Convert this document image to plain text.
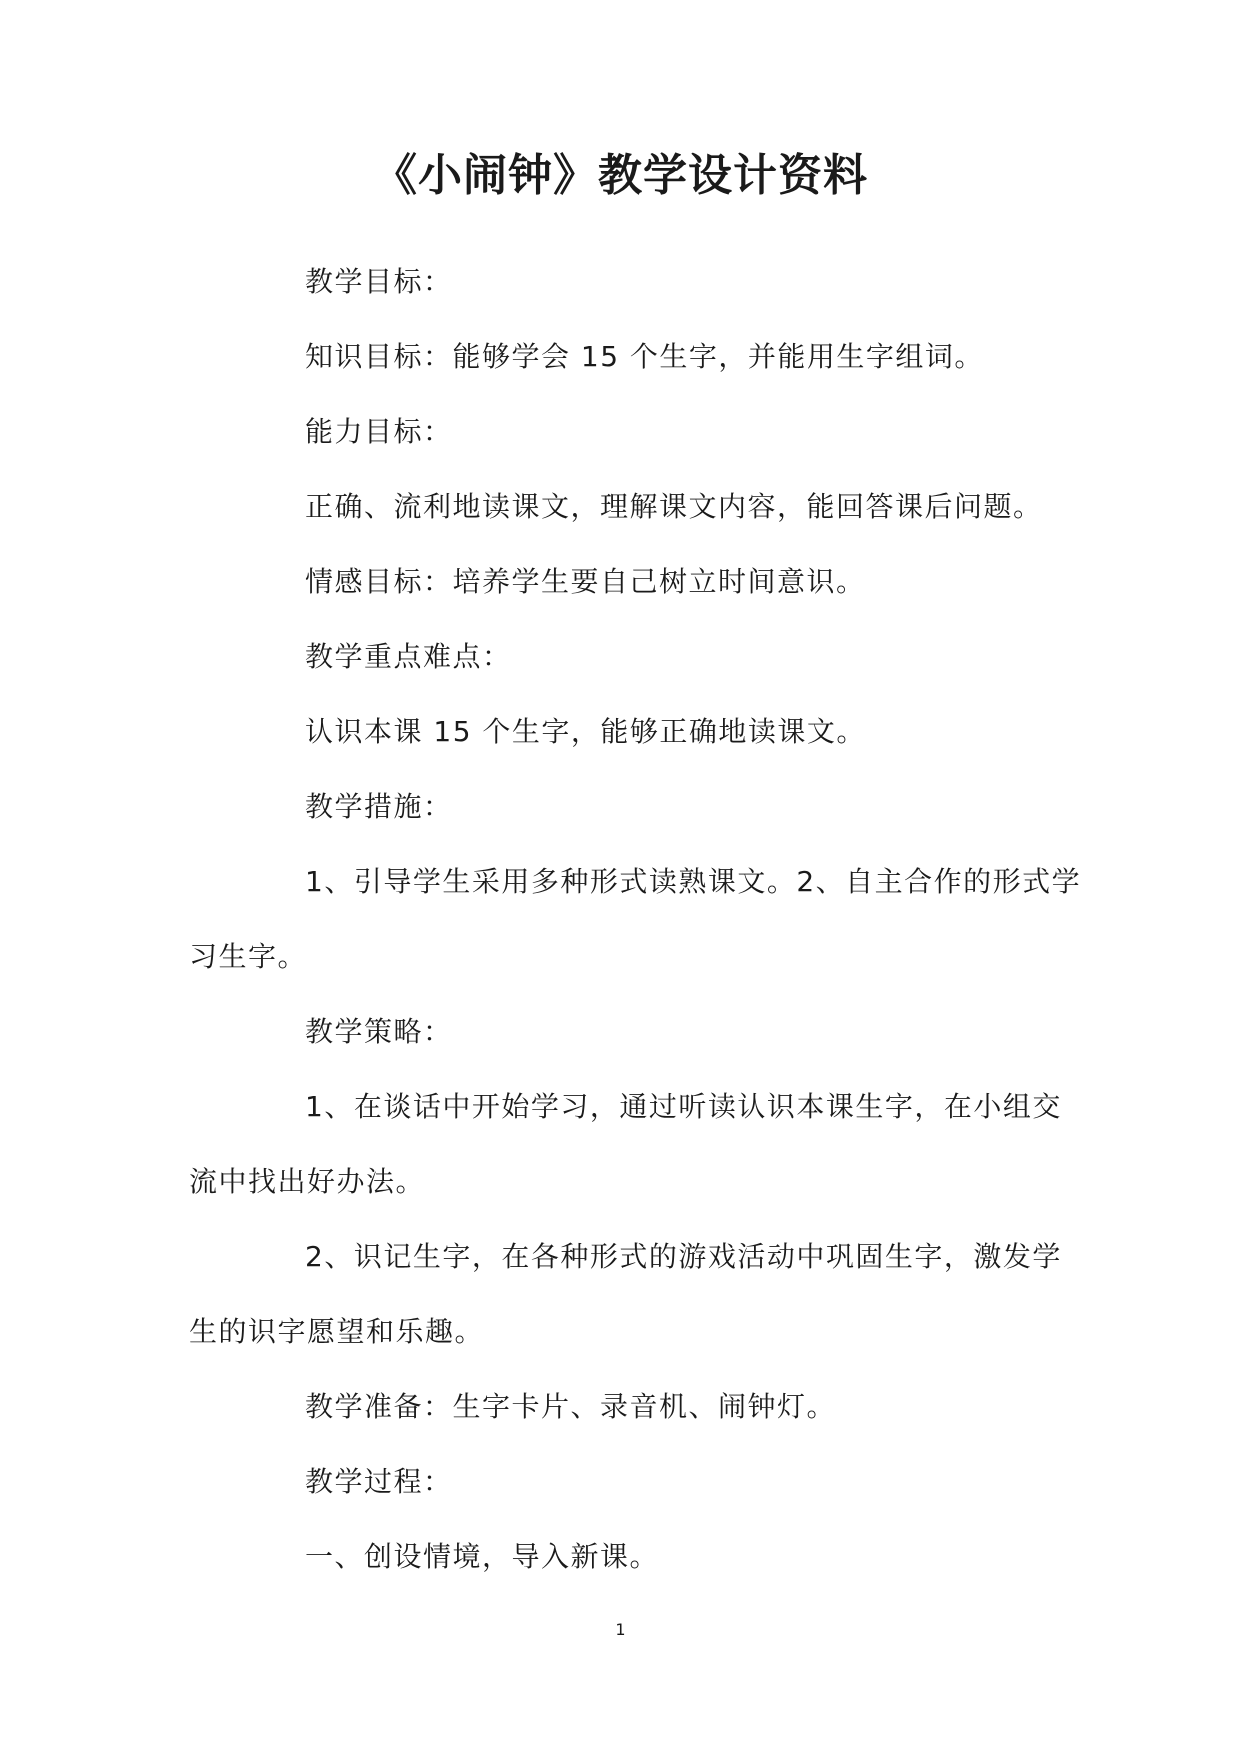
《小闹钟》教学设计资料
教学目标：
知识目标：能够学会 15 个生字，并能用生字组词。
能力目标：
正确、流利地读课文，理解课文内容，能回答课后问题。
情感目标：培养学生要自己树立时间意识。
教学重点难点：
认识本课 15 个生字，能够正确地读课文。
教学措施：
1、引导学生采用多种形式读熟课文。2、自主合作的形式学
习生字。
教学策略：
1、在谈话中开始学习，通过听读认识本课生字，在小组交
流中找出好办法。
2、识记生字，在各种形式的游戏活动中巩固生字，激发学
生的识字愿望和乐趣。
教学准备：生字卡片、录音机、闹钟灯。
教学过程：
一、创设情境，导入新课。
1
